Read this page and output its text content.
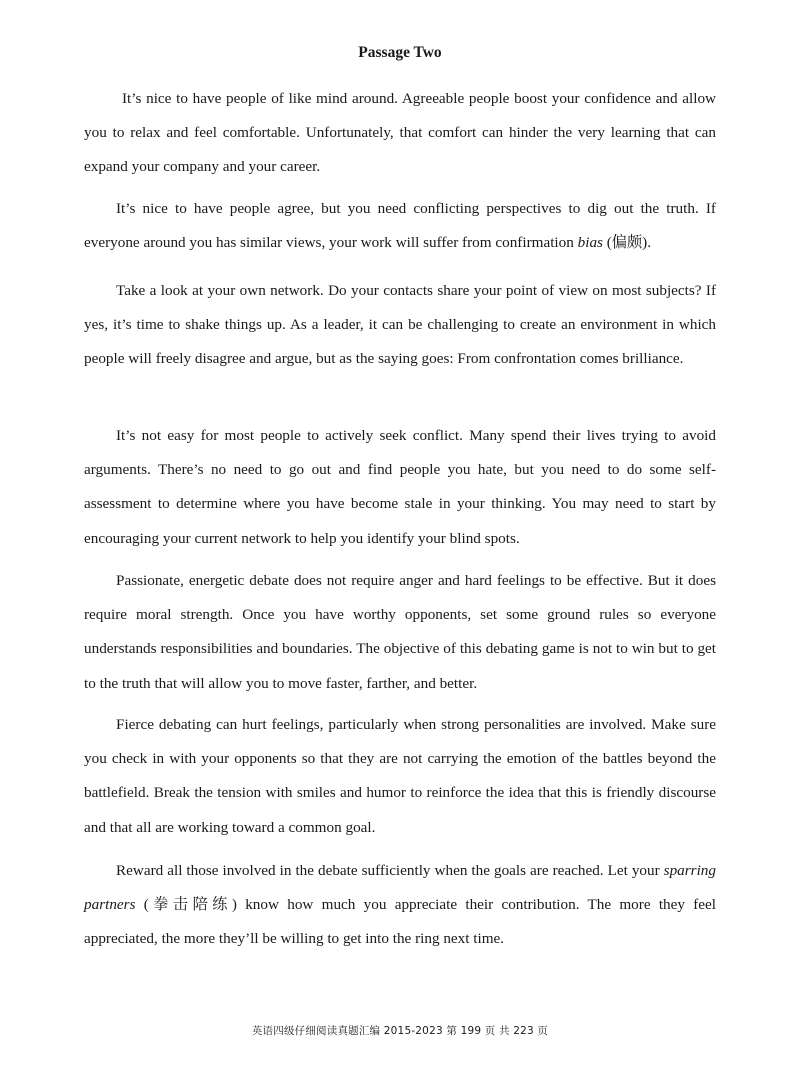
Passage Two

It’s nice to have people of like mind around. Agreeable people boost your confidence and allow you to relax and feel comfortable. Unfortunately, that comfort can hinder the very learning that can expand your company and your career.

It’s nice to have people agree, but you need conflicting perspectives to dig out the truth. If everyone around you has similar views, your work will suffer from confirmation bias (偏颇).

Take a look at your own network. Do your contacts share your point of view on most subjects? If yes, it’s time to shake things up. As a leader, it can be challenging to create an environment in which people will freely disagree and argue, but as the saying goes: From confrontation comes brilliance.

It’s not easy for most people to actively seek conflict. Many spend their lives trying to avoid arguments. There’s no need to go out and find people you hate, but you need to do some self-assessment to determine where you have become stale in your thinking. You may need to start by encouraging your current network to help you identify your blind spots.

Passionate, energetic debate does not require anger and hard feelings to be effective. But it does require moral strength. Once you have worthy opponents, set some ground rules so everyone understands responsibilities and boundaries. The objective of this debating game is not to win but to get to the truth that will allow you to move faster, farther, and better.

Fierce debating can hurt feelings, particularly when strong personalities are involved. Make sure you check in with your opponents so that they are not carrying the emotion of the battles beyond the battlefield. Break the tension with smiles and humor to reinforce the idea that this is friendly discourse and that all are working toward a common goal.

Reward all those involved in the debate sufficiently when the goals are reached. Let your sparring partners (拳击陪练) know how much you appreciate their contribution. The more they feel appreciated, the more they’ll be willing to get into the ring next time.

英语四级仔细阅读真题汇编 2015-2023 第 199 页 共 223 页
